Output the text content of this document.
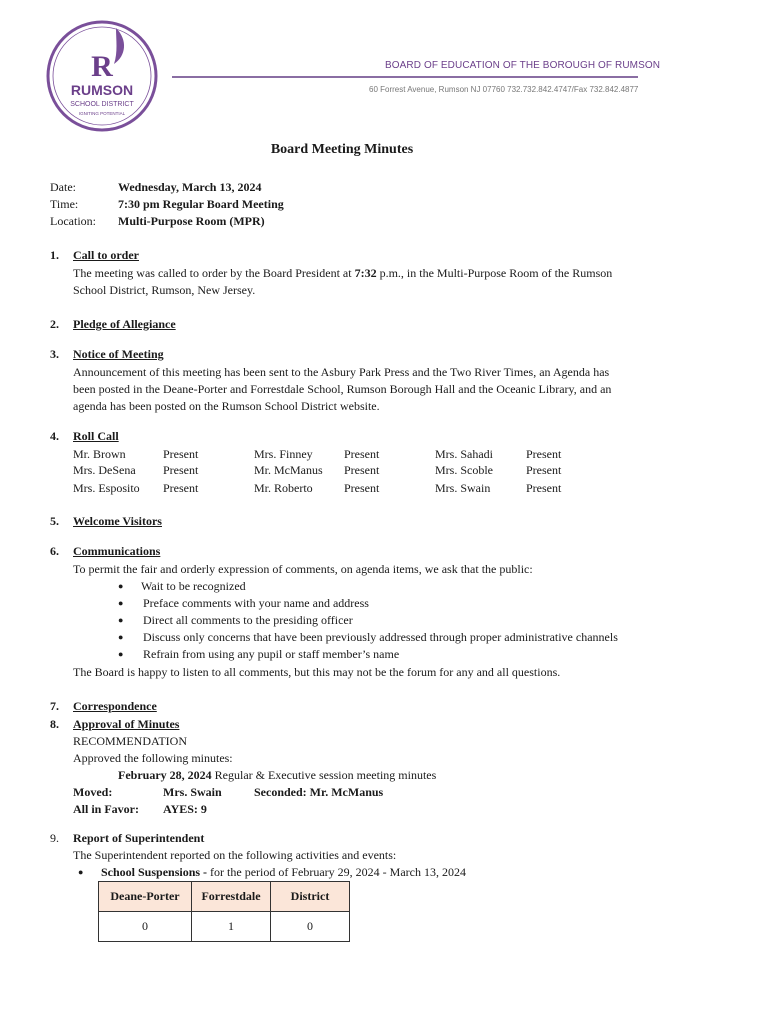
R
RUMSON
SCHOOL DISTRICT
IGNITING POTENTIAL
BOARD OF EDUCATION OF THE BOROUGH OF RUMSON
60 Forrest Avenue, Rumson NJ 07760 732.732.842.4747/Fax 732.842.4877
Board Meeting Minutes
Date:	Wednesday, March 13, 2024
Time:	7:30 pm Regular Board Meeting
Location: Multi-Purpose Room (MPR)
1. Call to order
The meeting was called to order by the Board President at 7:32 p.m., in the Multi-Purpose Room of the Rumson
School District, Rumson, New Jersey.
2. Pledge of Allegiance
3. Notice of Meeting
Announcement of this meeting has been sent to the Asbury Park Press and the Two River Times, an Agenda has
been posted in the Deane-Porter and Forrestdale School, Rumson Borough Hall and the Oceanic Library, and an
agenda has been posted on the Rumson School District website.
4. Roll Call
Mr. Brown	Present	Mrs. Finney	Present	Mrs. Sahadi	Present
Mrs. DeSena Present	Mr. McManus Present	Mrs. Scoble	Present
Mrs. Esposito Present	Mr. Roberto	Present	Mrs. Swain	Present
5. Welcome Visitors
6. Communications
To permit the fair and orderly expression of comments, on agenda items, we ask that the public:
● Wait to be recognized
● Preface comments with your name and address
● Direct all comments to the presiding officer
● Discuss only concerns that have been previously addressed through proper administrative channels
● Refrain from using any pupil or staff member’s name
The Board is happy to listen to all comments, but this may not be the forum for any and all questions.
7. Correspondence
8. Approval of Minutes
RECOMMENDATION
Approved the following minutes:
February 28, 2024 Regular & Executive session meeting minutes
Moved:	Mrs. Swain	Seconded: Mr. McManus
All in Favor: AYES: 9
9. Report of Superintendent
The Superintendent reported on the following activities and events:
● School Suspensions - for the period of February 29, 2024 - March 13, 2024
Deane-Porter	Forrestdale	District
0	1	0
